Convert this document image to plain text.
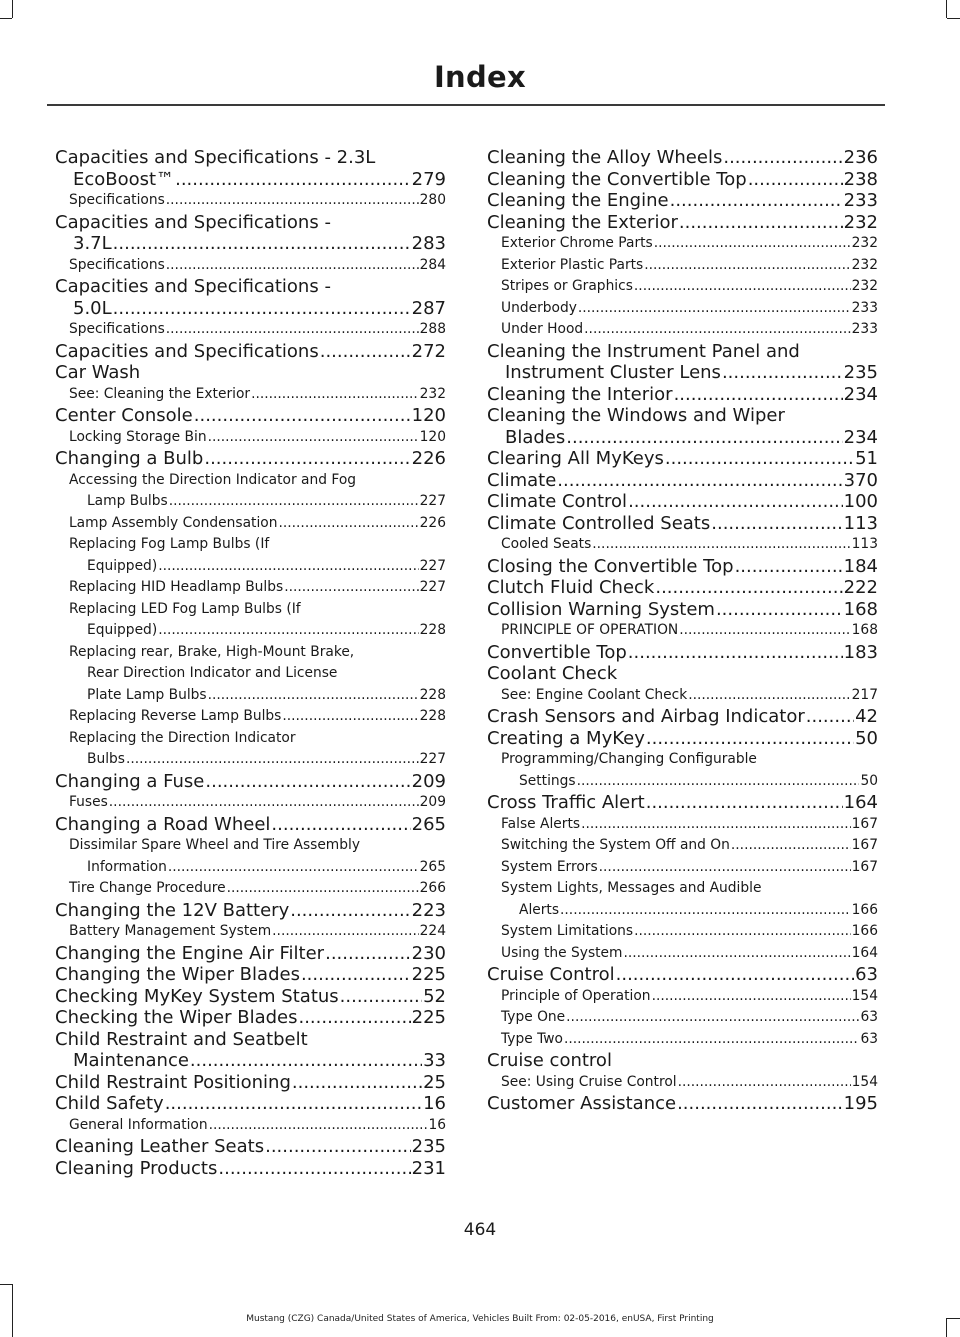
Index
Capacities and Specifications - 2.3L
EcoBoost™ .....	279
Specifications .....	280
Capacities and Specifications -
3.7L .....	283
Specifications .....	284
Capacities and Specifications -
5.0L .....	287
Specifications .....	288
Capacities and Specifications .....	272
Car Wash
See: Cleaning the Exterior .....	232
Center Console .....	120
Locking Storage Bin .....	120
Changing a Bulb .....	226
Accessing the Direction Indicator and Fog
Lamp Bulbs .....	227
Lamp Assembly Condensation .....	226
Replacing Fog Lamp Bulbs (If
Equipped) .....	227
Replacing HID Headlamp Bulbs .....	227
Replacing LED Fog Lamp Bulbs (If
Equipped) .....	228
Replacing rear, Brake, High-Mount Brake,
Rear Direction Indicator and License
Plate Lamp Bulbs .....	228
Replacing Reverse Lamp Bulbs .....	228
Replacing the Direction Indicator
Bulbs .....	227
Changing a Fuse .....	209
Fuses .....	209
Changing a Road Wheel .....	265
Dissimilar Spare Wheel and Tire Assembly
Information .....	265
Tire Change Procedure .....	266
Changing the 12V Battery .....	223
Battery Management System .....	224
Changing the Engine Air Filter .....	230
Changing the Wiper Blades .....	225
Checking MyKey System Status .....	52
Checking the Wiper Blades .....	225
Child Restraint and Seatbelt
Maintenance .....	33
Child Restraint Positioning .....	25
Child Safety .....	16
General Information .....	16
Cleaning Leather Seats .....	235
Cleaning Products .....	231
Cleaning the Alloy Wheels .....	236
Cleaning the Convertible Top .....	238
Cleaning the Engine .....	233
Cleaning the Exterior .....	232
Exterior Chrome Parts .....	232
Exterior Plastic Parts .....	232
Stripes or Graphics .....	232
Underbody .....	233
Under Hood .....	233
Cleaning the Instrument Panel and
Instrument Cluster Lens .....	235
Cleaning the Interior .....	234
Cleaning the Windows and Wiper
Blades .....	234
Clearing All MyKeys .....	51
Climate .....	370
Climate Control .....	100
Climate Controlled Seats .....	113
Cooled Seats .....	113
Closing the Convertible Top .....	184
Clutch Fluid Check .....	222
Collision Warning System .....	168
PRINCIPLE OF OPERATION .....	168
Convertible Top .....	183
Coolant Check
See: Engine Coolant Check .....	217
Crash Sensors and Airbag Indicator .....	42
Creating a MyKey .....	50
Programming/Changing Configurable
Settings .....	50
Cross Traffic Alert .....	164
False Alerts .....	167
Switching the System Off and On .....	167
System Errors .....	167
System Lights, Messages and Audible
Alerts .....	166
System Limitations .....	166
Using the System .....	164
Cruise Control .....	63
Principle of Operation .....	154
Type One .....	63
Type Two .....	63
Cruise control
See: Using Cruise Control .....	154
Customer Assistance .....	195
464
Mustang (CZG) Canada/United States of America, Vehicles Built From: 02-05-2016, enUSA, First Printing
